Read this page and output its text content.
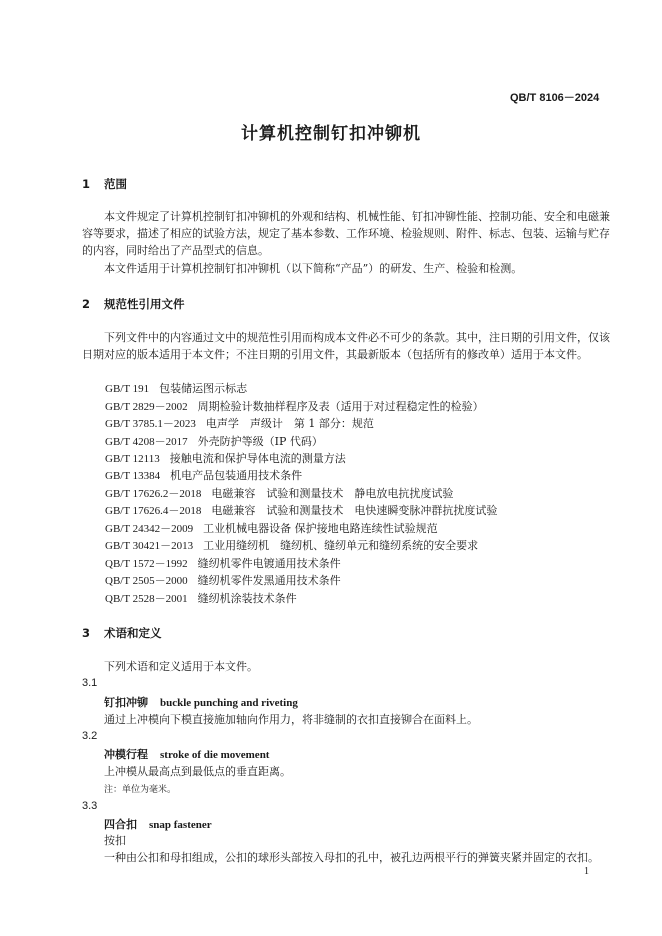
QB/T 8106－2024
计算机控制钉扣冲铆机
1 范围
本文件规定了计算机控制钉扣冲铆机的外观和结构、机械性能、钉扣冲铆性能、控制功能、安全和电磁兼容等要求，描述了相应的试验方法，规定了基本参数、工作环境、检验规则、附件、标志、包装、运输与贮存的内容，同时给出了产品型式的信息。
本文件适用于计算机控制钉扣冲铆机（以下简称“产品”）的研发、生产、检验和检测。
2 规范性引用文件
下列文件中的内容通过文中的规范性引用而构成本文件必不可少的条款。其中，注日期的引用文件，仅该日期对应的版本适用于本文件；不注日期的引用文件，其最新版本（包括所有的修改单）适用于本文件。
GB/T 191 包装储运图示标志
GB/T 2829－2002 周期检验计数抽样程序及表（适用于对过程稳定性的检验）
GB/T 3785.1－2023 电声学　声级计　第 1 部分：规范
GB/T 4208－2017 外壳防护等级（IP 代码）
GB/T 12113 接触电流和保护导体电流的测量方法
GB/T 13384 机电产品包装通用技术条件
GB/T 17626.2－2018 电磁兼容　试验和测量技术　静电放电抗扰度试验
GB/T 17626.4－2018 电磁兼容　试验和测量技术　电快速瞬变脉冲群抗扰度试验
GB/T 24342－2009 工业机械电器设备 保护接地电路连续性试验规范
GB/T 30421－2013 工业用缝纫机　缝纫机、缝纫单元和缝纫系统的安全要求
QB/T 1572－1992 缝纫机零件电镀通用技术条件
QB/T 2505－2000 缝纫机零件发黑通用技术条件
QB/T 2528－2001 缝纫机涂装技术条件
3 术语和定义
下列术语和定义适用于本文件。
3.1
钉扣冲铆 buckle punching and riveting
通过上冲模向下模直接施加轴向作用力，将非缝制的衣扣直接铆合在面料上。
3.2
冲模行程 stroke of die movement
上冲模从最高点到最低点的垂直距离。
注：单位为毫米。
3.3
四合扣 snap fastener
按扣
一种由公扣和母扣组成，公扣的球形头部按入母扣的孔中，被孔边两根平行的弹簧夹紧并固定的衣扣。
1
